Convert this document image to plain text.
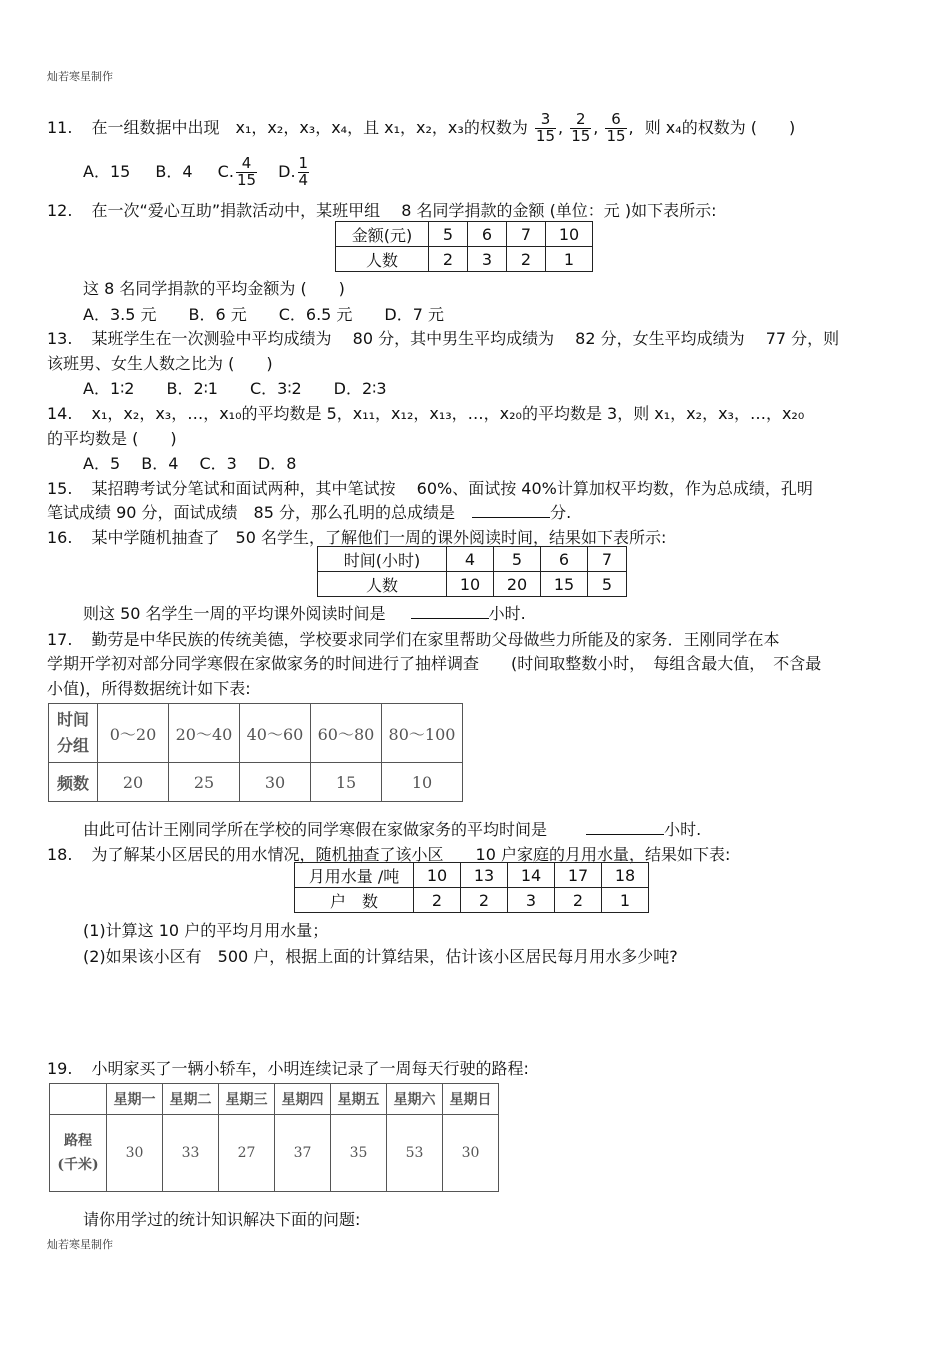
灿若寒星制作
灿若寒星制作
11. 在一组数据中出现　x₁，x₂，x₃，x₄，且 x₁，x₂，x₃的权数为 $\frac{3}{15}$ , $\frac{2}{15}$ , $\frac{6}{15}$ , 则 x₄的权数为 (　　)
A．15 B．4 C. $\frac{4}{15} D$. $\frac{1}{4}$
12. 在一次“爱心互助”捐款活动中，某班甲组　 8 名同学捐款的金额 (单位：元 )如下表所示:
金额(元)	5	6	7	10
人数	2	3	2	1
这 8 名同学捐款的平均金额为 (　　)
A．3.5 元　　B．6 元　　C．6.5 元　　D．7 元
13. 某班学生在一次测验中平均成绩为　 80 分，其中男生平均成绩为　 82 分，女生平均成绩为　 77 分，则
该班男、女生人数之比为 (　　)
A．1∶2　　B．2∶1　　C．3∶2　　D．2∶3
14. x₁，x₂，x₃，…，x₁₀的平均数是 5，x₁₁，x₁₂，x₁₃，…，x₂₀的平均数是 3，则 x₁，x₂，x₃，…，x₂₀
的平均数是 (　　)
A．5　 B．4　 C．3　 D．8
15. 某招聘考试分笔试和面试两种，其中笔试按　 60%、面试按 40%计算加权平均数，作为总成绩，孔明
笔试成绩 90 分，面试成绩　85 分，那么孔明的总成绩是	分.
16. 某中学随机抽查了　50 名学生，了解他们一周的课外阅读时间，结果如下表所示:
时间(小时)	4	5	6	7
人数	10	20	15	5
则这 50 名学生一周的平均课外阅读时间是	小时.
17. 勤劳是中华民族的传统美德，学校要求同学们在家里帮助父母做些力所能及的家务．王刚同学在本
学期开学初对部分同学寒假在家做家务的时间进行了抽样调查　　(时间取整数小时，　每组含最大值，　不含最
小值)，所得数据统计如下表:
时间
分组	0～20	20～40	40～60	60～80	80～100
频数	20	25	30	15	10
由此可估计王刚同学所在学校的同学寒假在家做家务的平均时间是	小时.
18. 为了解某小区居民的用水情况，随机抽查了该小区　　10 户家庭的月用水量，结果如下表:
月用水量 /吨	10	13	14	17	18
户　数	2	2	3	2	1
(1)计算这 10 户的平均月用水量；
(2)如果该小区有　500 户，根据上面的计算结果，估计该小区居民每月用水多少吨?
19. 小明家买了一辆小轿车，小明连续记录了一周每天行驶的路程:
	星期一	星期二	星期三	星期四	星期五	星期六	星期日
路程
(千米)	30	33	27	37	35	53	30
请你用学过的统计知识解决下面的问题:
